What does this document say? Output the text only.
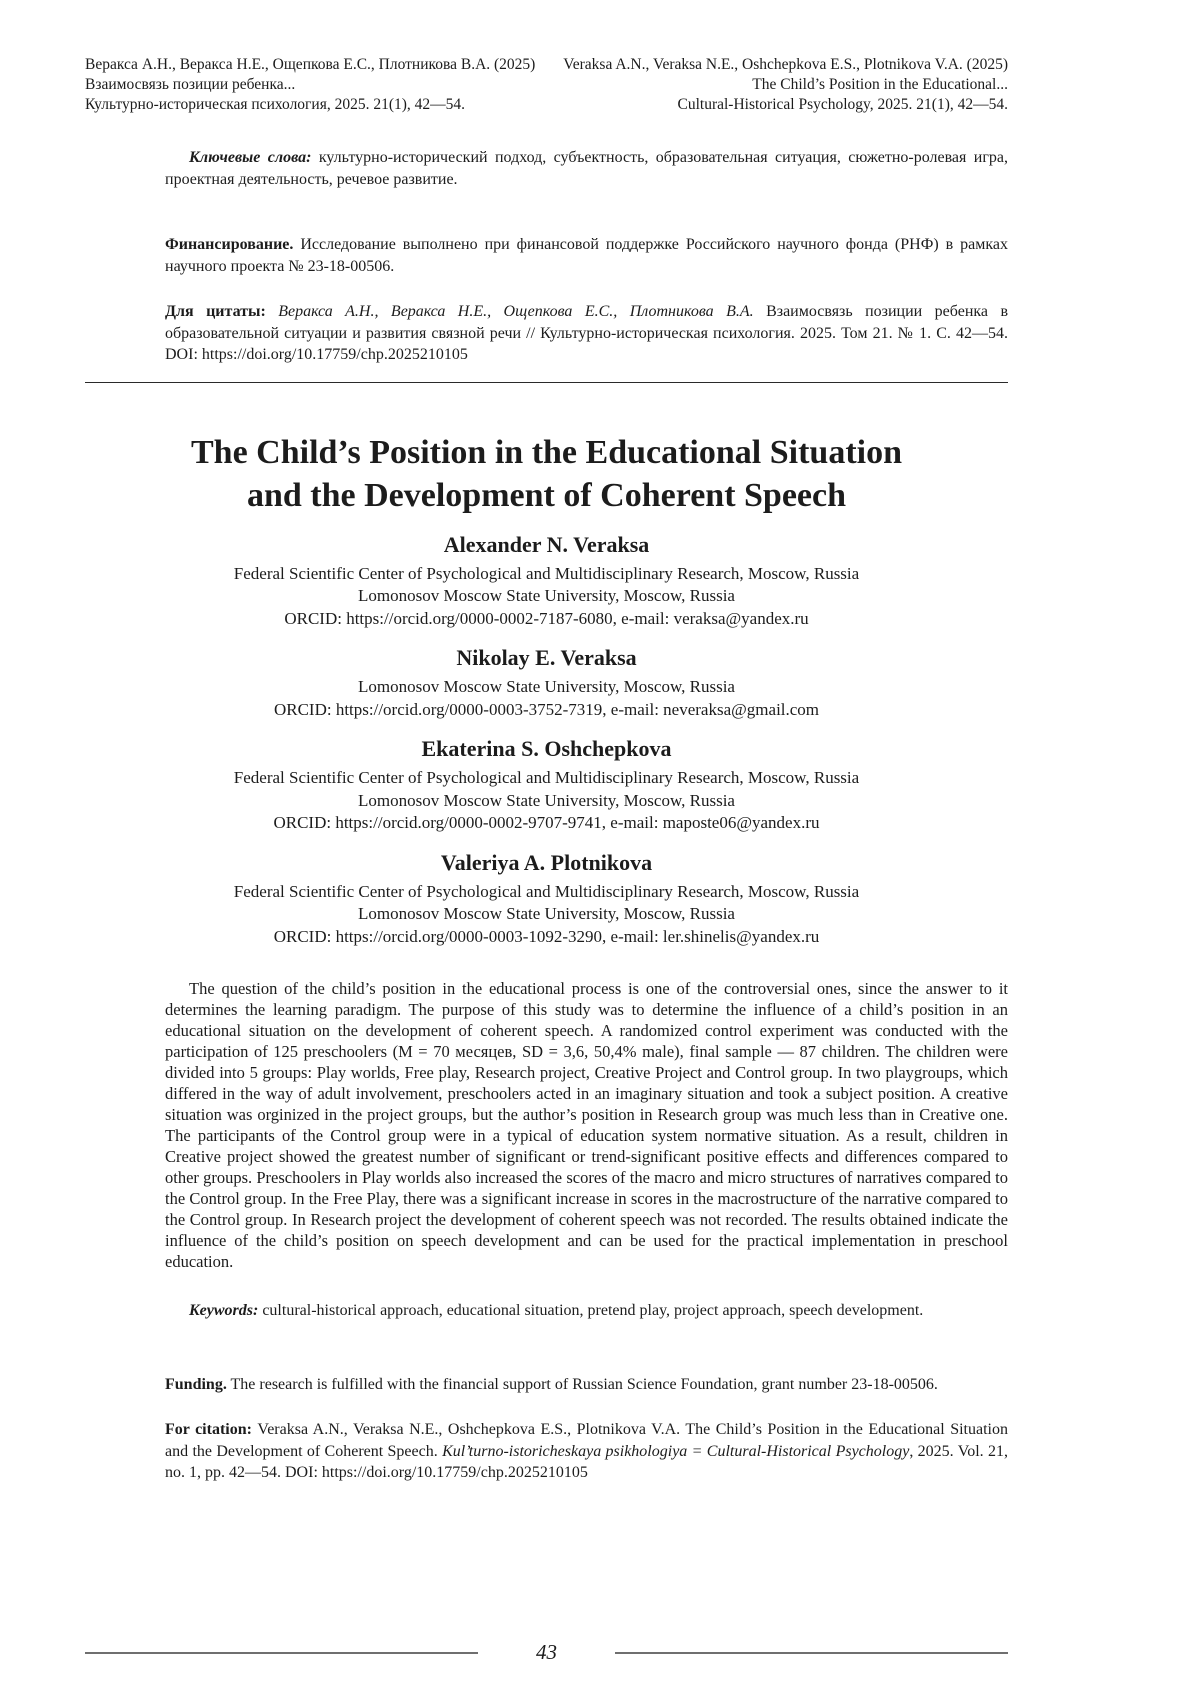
Веракса А.Н., Веракса Н.Е., Ощепкова Е.С., Плотникова В.А. (2025)
Взаимосвязь позиции ребенка...
Культурно-историческая психология, 2025. 21(1), 42—54.
Veraksa A.N., Veraksa N.E., Oshchepkova E.S., Plotnikova V.A. (2025)
The Child’s Position in the Educational...
Cultural-Historical Psychology, 2025. 21(1), 42—54.

Ключевые слова: культурно-исторический подход, субъектность, образовательная ситуация, сюжетно-ролевая игра, проектная деятельность, речевое развитие.

Финансирование. Исследование выполнено при финансовой поддержке Российского научного фонда (РНФ) в рамках научного проекта № 23-18-00506.

Для цитаты: Веракса А.Н., Веракса Н.Е., Ощепкова Е.С., Плотникова В.А. Взаимосвязь позиции ребенка в образовательной ситуации и развития связной речи // Культурно-историческая психология. 2025. Том 21. № 1. С. 42—54. DOI: https://doi.org/10.17759/chp.2025210105

The Child’s Position in the Educational Situation
and the Development of Coherent Speech
Alexander N. Veraksa
Federal Scientific Center of Psychological and Multidisciplinary Research, Moscow, Russia
Lomonosov Moscow State University, Moscow, Russia
ORCID: https://orcid.org/0000-0002-7187-6080, e-mail: veraksa@yandex.ru
Nikolay E. Veraksa
Lomonosov Moscow State University, Moscow, Russia
ORCID: https://orcid.org/0000-0003-3752-7319, e-mail: neveraksa@gmail.com
Ekaterina S. Oshchepkova
Federal Scientific Center of Psychological and Multidisciplinary Research, Moscow, Russia
Lomonosov Moscow State University, Moscow, Russia
ORCID: https://orcid.org/0000-0002-9707-9741, e-mail: maposte06@yandex.ru
Valeriya A. Plotnikova
Federal Scientific Center of Psychological and Multidisciplinary Research, Moscow, Russia
Lomonosov Moscow State University, Moscow, Russia
ORCID: https://orcid.org/0000-0003-1092-3290, e-mail: ler.shinelis@yandex.ru

The question of the child’s position in the educational process is one of the controversial ones, since the answer to it determines the learning paradigm. The purpose of this study was to determine the influence of a child’s position in an educational situation on the development of coherent speech. A randomized control experiment was conducted with the participation of 125 preschoolers (M = 70 месяцев, SD = 3,6, 50,4% male), final sample — 87 children. The children were divided into 5 groups: Play worlds, Free play, Research project, Creative Project and Control group. In two playgroups, which differed in the way of adult involvement, preschoolers acted in an imaginary situation and took a subject position. A creative situation was orginized in the project groups, but the author’s position in Research group was much less than in Creative one. The participants of the Control group were in a typical of education system normative situation. As a result, children in Creative project showed the greatest number of significant or trend-significant positive effects and differences compared to other groups. Preschoolers in Play worlds also increased the scores of the macro and micro structures of narratives compared to the Control group. In the Free Play, there was a significant increase in scores in the macrostructure of the narrative compared to the Control group. In Research project the development of coherent speech was not recorded. The results obtained indicate the influence of the child’s position on speech development and can be used for the practical implementation in preschool education.

Keywords: cultural-historical approach, educational situation, pretend play, project approach, speech development.

Funding. The research is fulfilled with the financial support of Russian Science Foundation, grant number 23-18-00506.

For citation: Veraksa A.N., Veraksa N.E., Oshchepkova E.S., Plotnikova V.A. The Child’s Position in the Educational Situation and the Development of Coherent Speech. Kul’turno-istoricheskaya psikhologiya = Cultural-Historical Psychology, 2025. Vol. 21, no. 1, pp. 42—54. DOI: https://doi.org/10.17759/chp.2025210105

43
